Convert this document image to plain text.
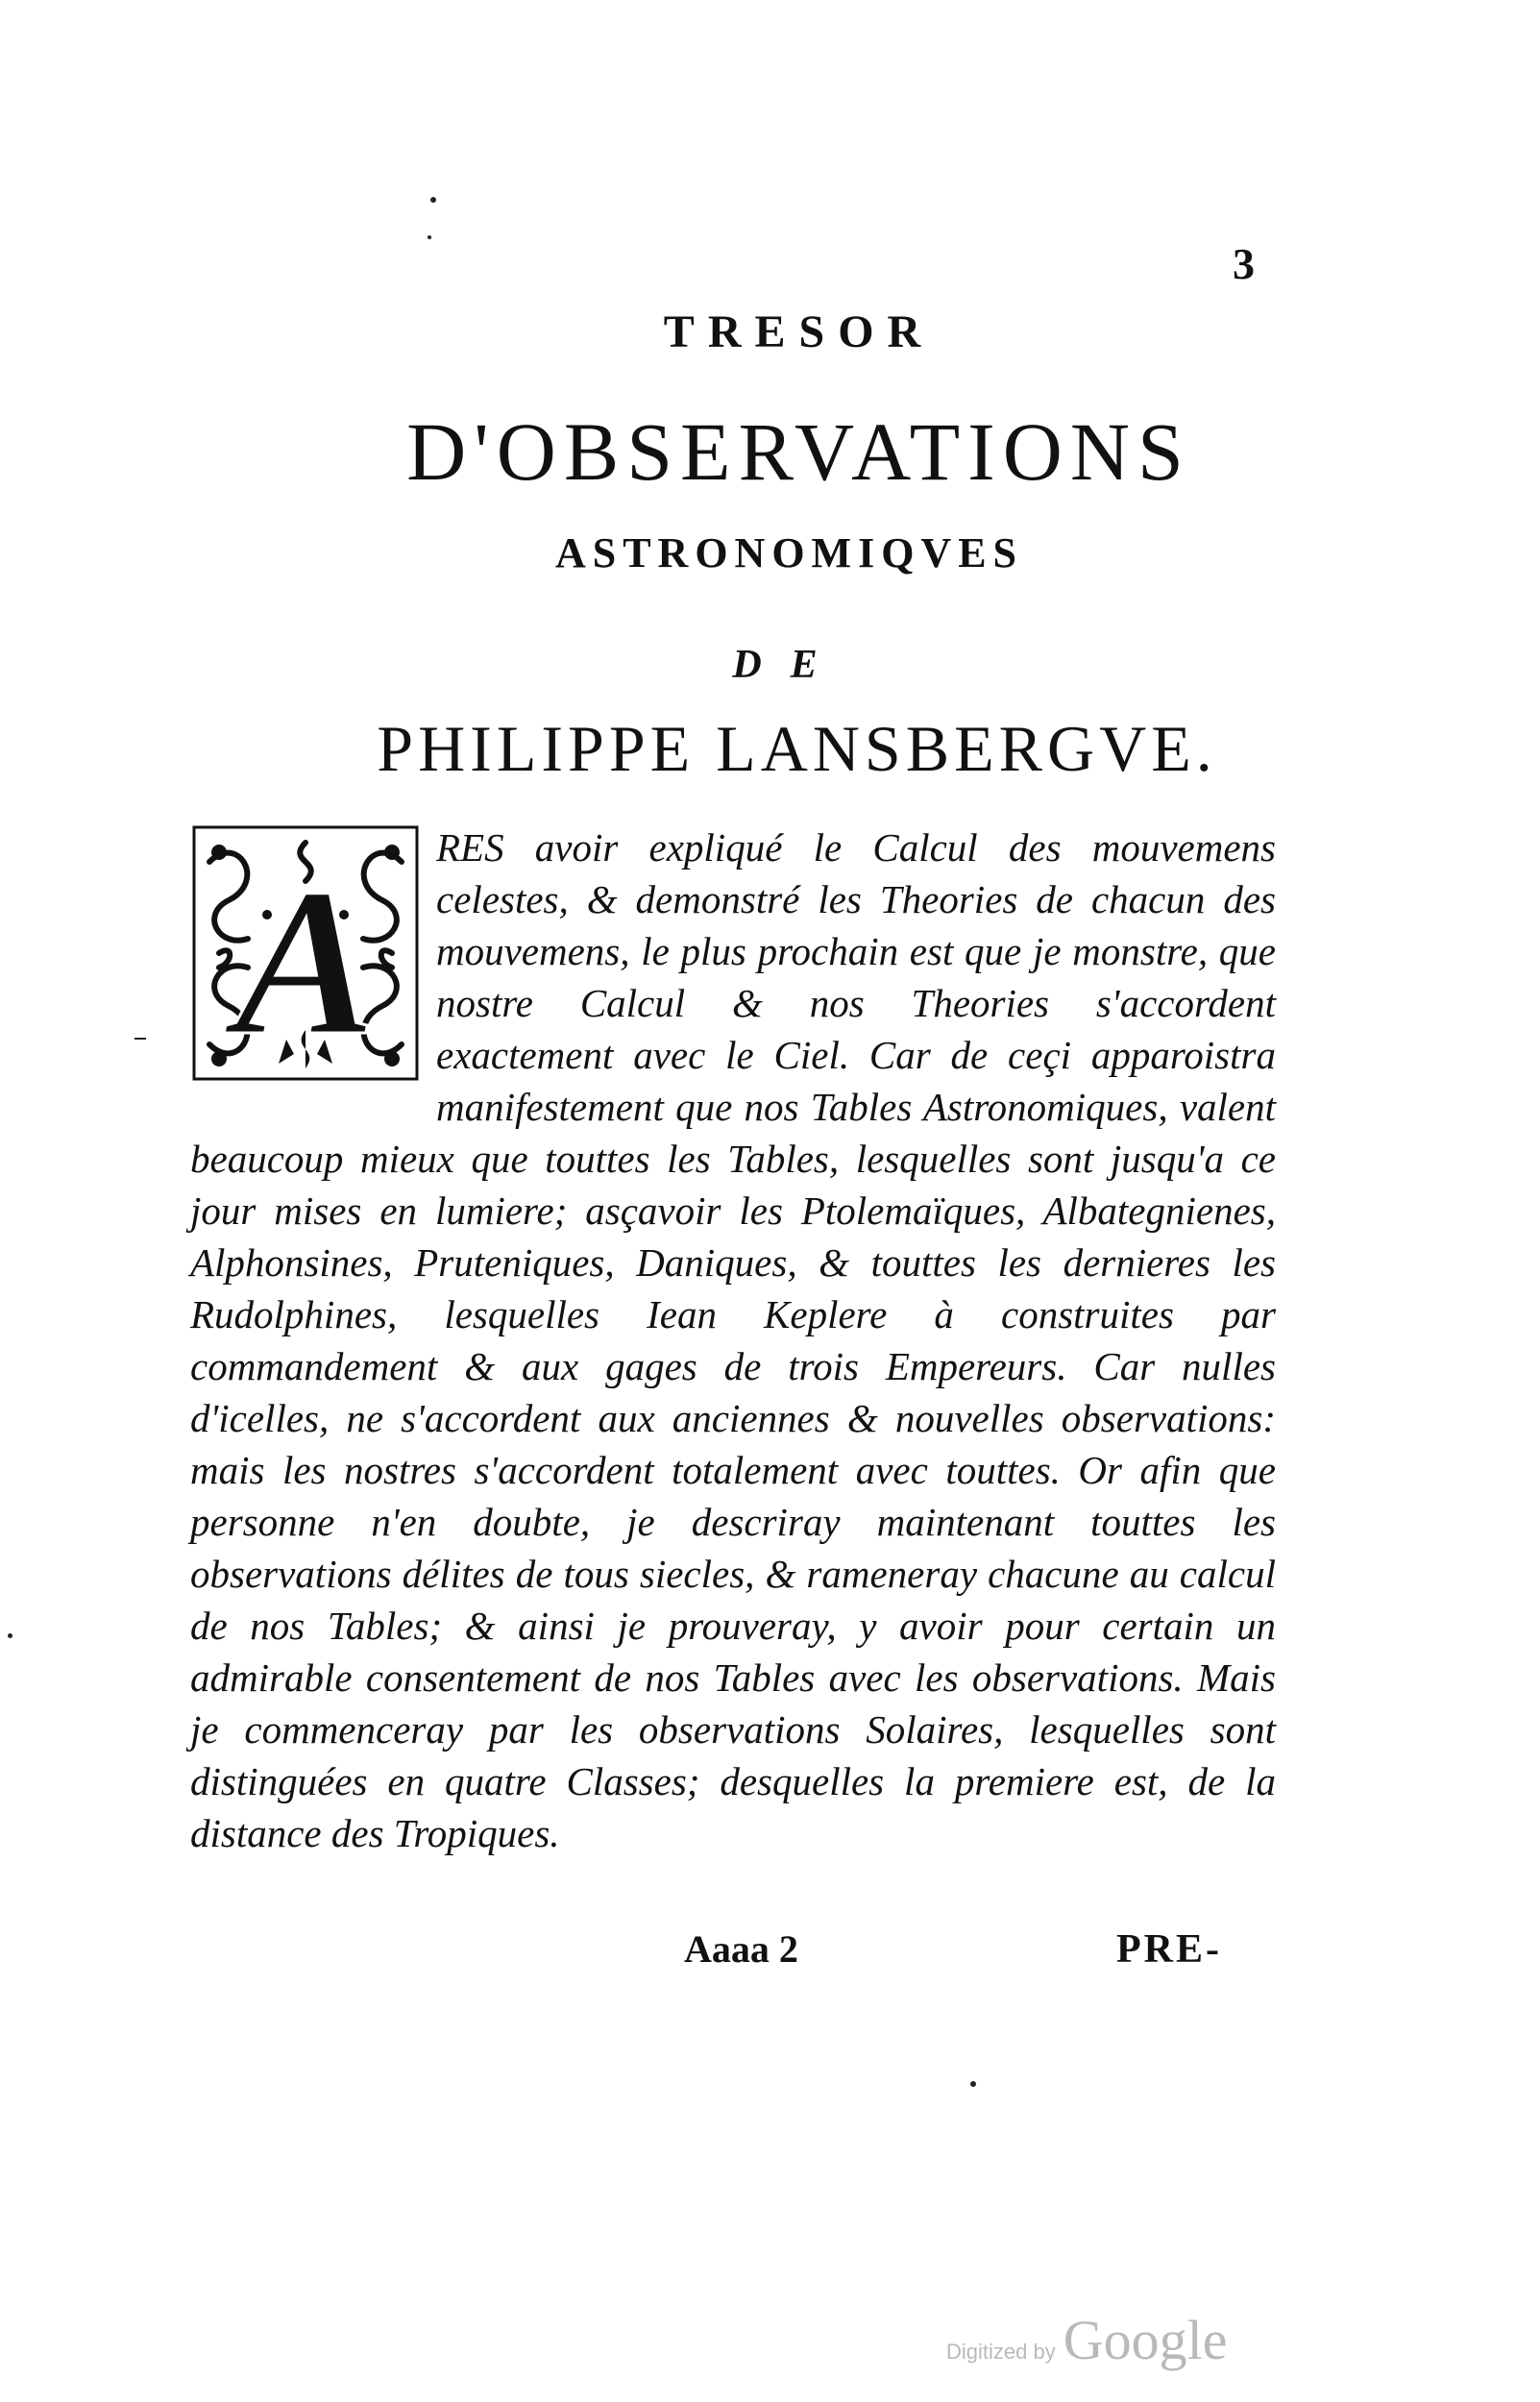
3
TRESOR
D'OBSERVATIONS
ASTRONOMIQVES
DE
PHILIPPE LANSBERGVE.
A RES avoir expliqué le Calcul des mouvemens celestes, & demonstré les Theories de chacun des mouvemens, le plus prochain est que je monstre, que nostre Calcul & nos Theories s'accordent exactement avec le Ciel. Car de ceçi apparoistra manifestement que nos Tables Astronomiques, valent beaucoup mieux que touttes les Tables, lesquelles sont jusqu'a ce jour mises en lumiere; asçavoir les Ptolemaïques, Albategnienes, Alphonsines, Pruteniques, Daniques, & touttes les dernieres les Rudolphines, lesquelles Iean Keplere à construites par commandement & aux gages de trois Empereurs. Car nulles d'icelles, ne s'accordent aux anciennes & nouvelles observations: mais les nostres s'accordent totalement avec touttes. Or afin que personne n'en doubte, je descriray maintenant touttes les observations délites de tous siecles, & rameneray chacune au calcul de nos Tables; & ainsi je prouveray, y avoir pour certain un admirable consentement de nos Tables avec les observations. Mais je commenceray par les observations Solaires, lesquelles sont distinguées en quatre Classes; desquelles la premiere est, de la distance des Tropiques.
Aaaa 2	PRE-
Digitized by Google
